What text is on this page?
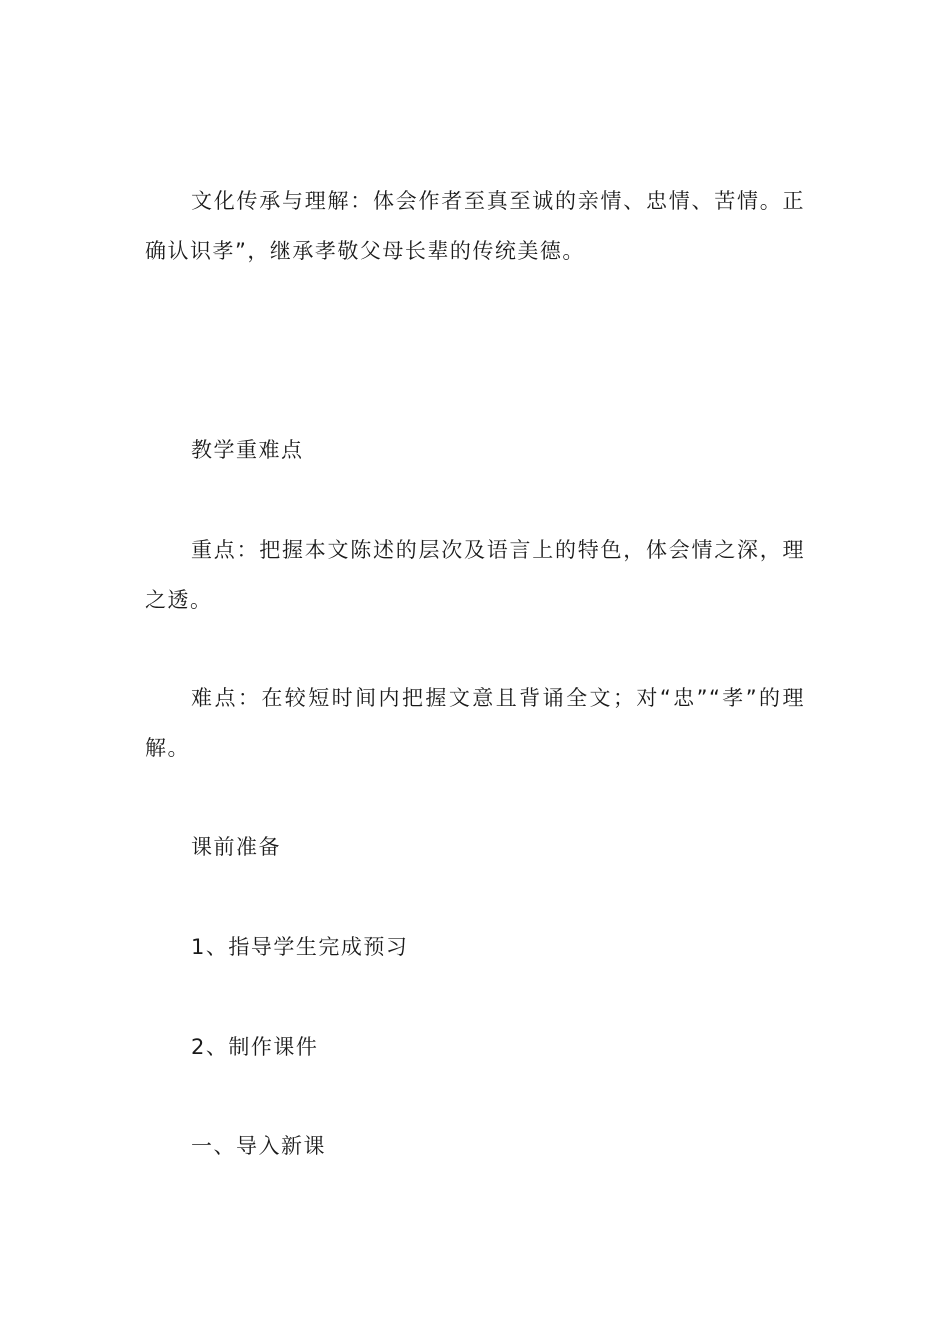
文化传承与理解：体会作者至真至诚的亲情、忠情、苦情。正确认识孝”，继承孝敬父母长辈的传统美德。

教学重难点

重点：把握本文陈述的层次及语言上的特色，体会情之深，理之透。

难点：在较短时间内把握文意且背诵全文；对“忠”“孝”的理解。

课前准备

1、指导学生完成预习

2、制作课件

一、导入新课
